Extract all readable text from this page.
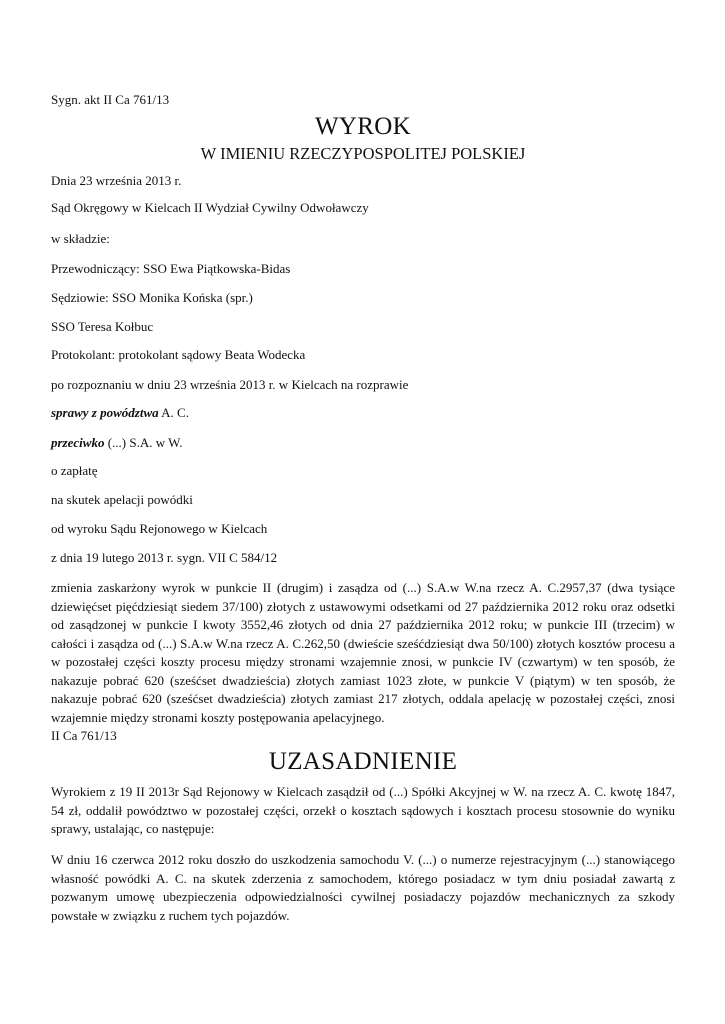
Sygn. akt II Ca 761/13

WYROK

W IMIENIU RZECZYPOSPOLITEJ POLSKIEJ

Dnia 23 września 2013 r.

Sąd Okręgowy w Kielcach II Wydział Cywilny Odwoławczy

w składzie:

Przewodniczący: SSO Ewa Piątkowska-Bidas

Sędziowie: SSO Monika Końska (spr.)

SSO Teresa Kołbuc

Protokolant: protokolant sądowy Beata Wodecka

po rozpoznaniu w dniu 23 września 2013 r. w Kielcach na rozprawie

sprawy z powództwa A. C.

przeciwko (...) S.A. w W.

o zapłatę

na skutek apelacji powódki

od wyroku Sądu Rejonowego w Kielcach

z dnia 19 lutego 2013 r. sygn. VII C 584/12

zmienia zaskarżony wyrok w punkcie II (drugim) i zasądza od (...) S.A.w W.na rzecz A. C.2957,37 (dwa tysiące dziewięćset pięćdziesiąt siedem 37/100) złotych z ustawowymi odsetkami od 27 października 2012 roku oraz odsetki od zasądzonej w punkcie I kwoty 3552,46 złotych od dnia 27 października 2012 roku; w punkcie III (trzecim) w całości i zasądza od (...) S.A.w W.na rzecz A. C.262,50 (dwieście sześćdziesiąt dwa 50/100) złotych kosztów procesu a w pozostałej części koszty procesu między stronami wzajemnie znosi, w punkcie IV (czwartym) w ten sposób, że nakazuje pobrać 620 (sześćset dwadzieścia) złotych zamiast 1023 złote, w punkcie V (piątym) w ten sposób, że nakazuje pobrać 620 (sześćset dwadzieścia) złotych zamiast 217 złotych, oddala apelację w pozostałej części, znosi wzajemnie między stronami koszty postępowania apelacyjnego.

II Ca 761/13

UZASADNIENIE

Wyrokiem z 19 II 2013r Sąd Rejonowy w Kielcach zasądził od (...) Spółki Akcyjnej w W. na rzecz A. C. kwotę 1847, 54 zł, oddalił powództwo w pozostałej części, orzekł o kosztach sądowych i kosztach procesu stosownie do wyniku sprawy, ustalając, co następuje:

W dniu 16 czerwca 2012 roku doszło do uszkodzenia samochodu V. (...) o numerze rejestracyjnym (...) stanowiącego własność powódki A. C. na skutek zderzenia z samochodem, którego posiadacz w tym dniu posiadał zawartą z pozwanym umowę ubezpieczenia odpowiedzialności cywilnej posiadaczy pojazdów mechanicznych za szkody powstałe w związku z ruchem tych pojazdów.
